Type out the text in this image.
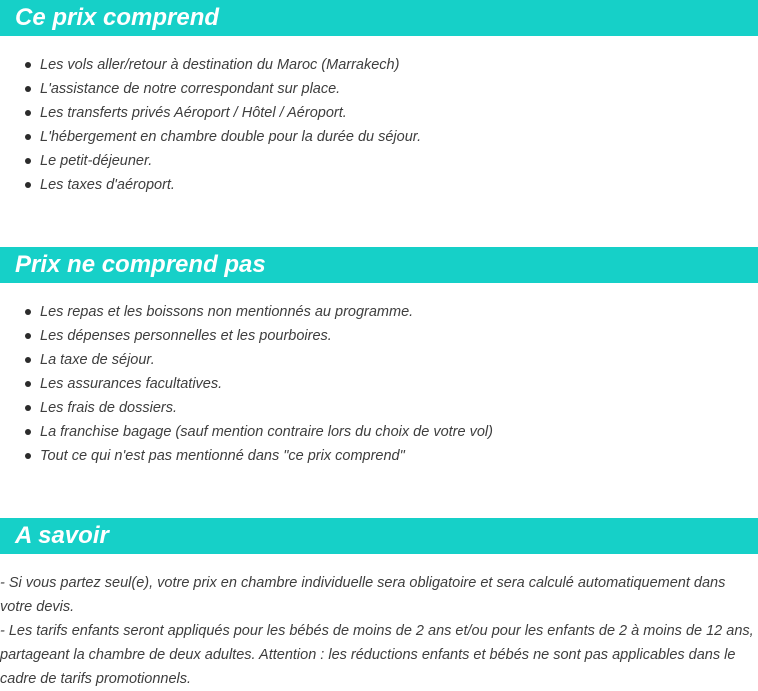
Ce prix comprend
Les vols aller/retour à destination du Maroc (Marrakech)
L'assistance de notre correspondant sur place.
Les transferts privés Aéroport / Hôtel / Aéroport.
L'hébergement en chambre double pour la durée du séjour.
Le petit-déjeuner.
Les taxes d'aéroport.
Prix ne comprend pas
Les repas et les boissons non mentionnés au programme.
Les dépenses personnelles et les pourboires.
La taxe de séjour.
Les assurances facultatives.
Les frais de dossiers.
La franchise bagage (sauf mention contraire lors du choix de votre vol)
Tout ce qui n'est pas mentionné dans "ce prix comprend"
A savoir

- Si vous partez seul(e), votre prix en chambre individuelle sera obligatoire et sera calculé automatiquement dans votre devis.

- Les tarifs enfants seront appliqués pour les bébés de moins de 2 ans et/ou pour les enfants de 2 à moins de 12 ans, partageant la chambre de deux adultes. Attention : les réductions enfants et bébés ne sont pas applicables dans le cadre de tarifs promotionnels.
